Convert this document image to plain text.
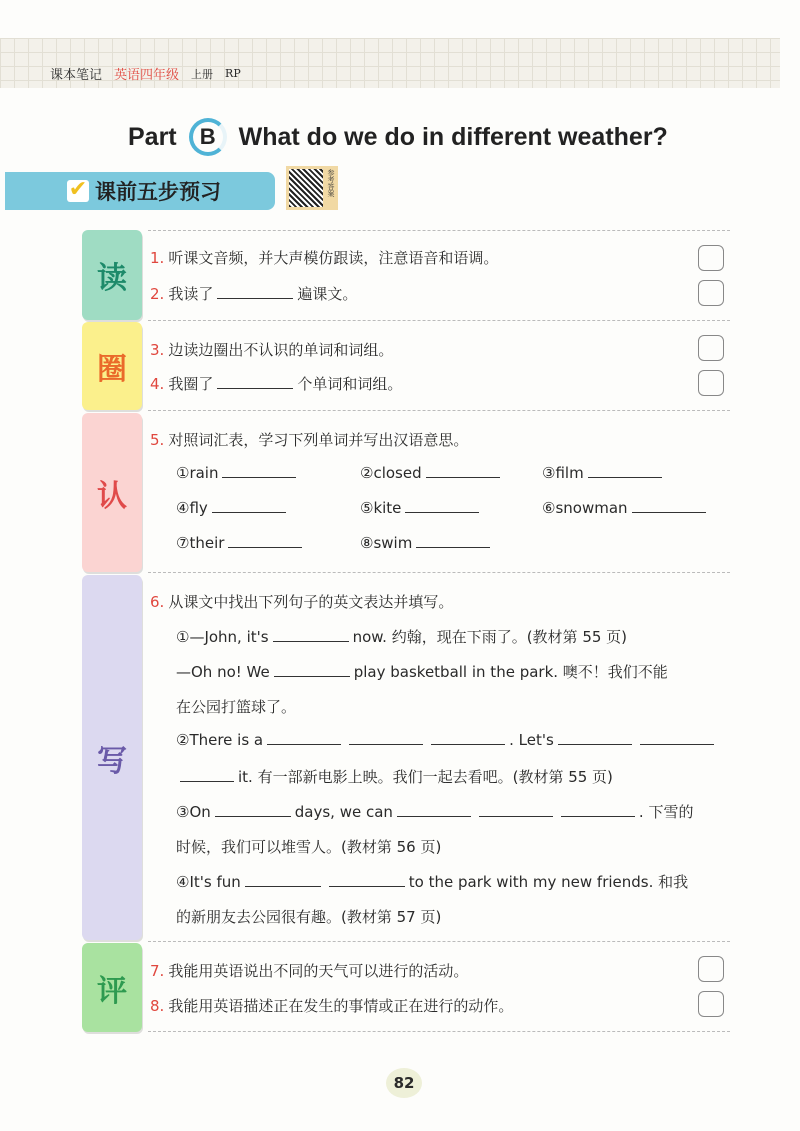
课本笔记 英语四年级 上册 RP
Part	B What do we do in different weather?
✔ 课前五步预习	参考答案
读
圈
认
写
评
1. 听课文音频，并大声模仿跟读，注意语音和语调。
2. 我读了	遍课文。
3. 边读边圈出不认识的单词和词组。
4. 我圈了	个单词和词组。
5. 对照词汇表，学习下列单词并写出汉语意思。
6. 从课文中找出下列句子的英文表达并填写。
①—John, it's	now. 约翰，现在下雨了。(教材第 55 页)
—Oh no! We	play basketball in the park. 噢不！我们不能
在公园打篮球了。
②There is a	. Let's
it. 有一部新电影上映。我们一起去看吧。(教材第 55 页)
③On	days, we can	. 下雪的
时候，我们可以堆雪人。(教材第 56 页)
④It's fun	to the park with my new friends. 和我
的新朋友去公园很有趣。(教材第 57 页)
7. 我能用英语说出不同的天气可以进行的活动。
8. 我能用英语描述正在发生的事情或正在进行的动作。
①rain	②closed	③film
④fly	⑤kite	⑥snowman
⑦their	⑧swim
82
